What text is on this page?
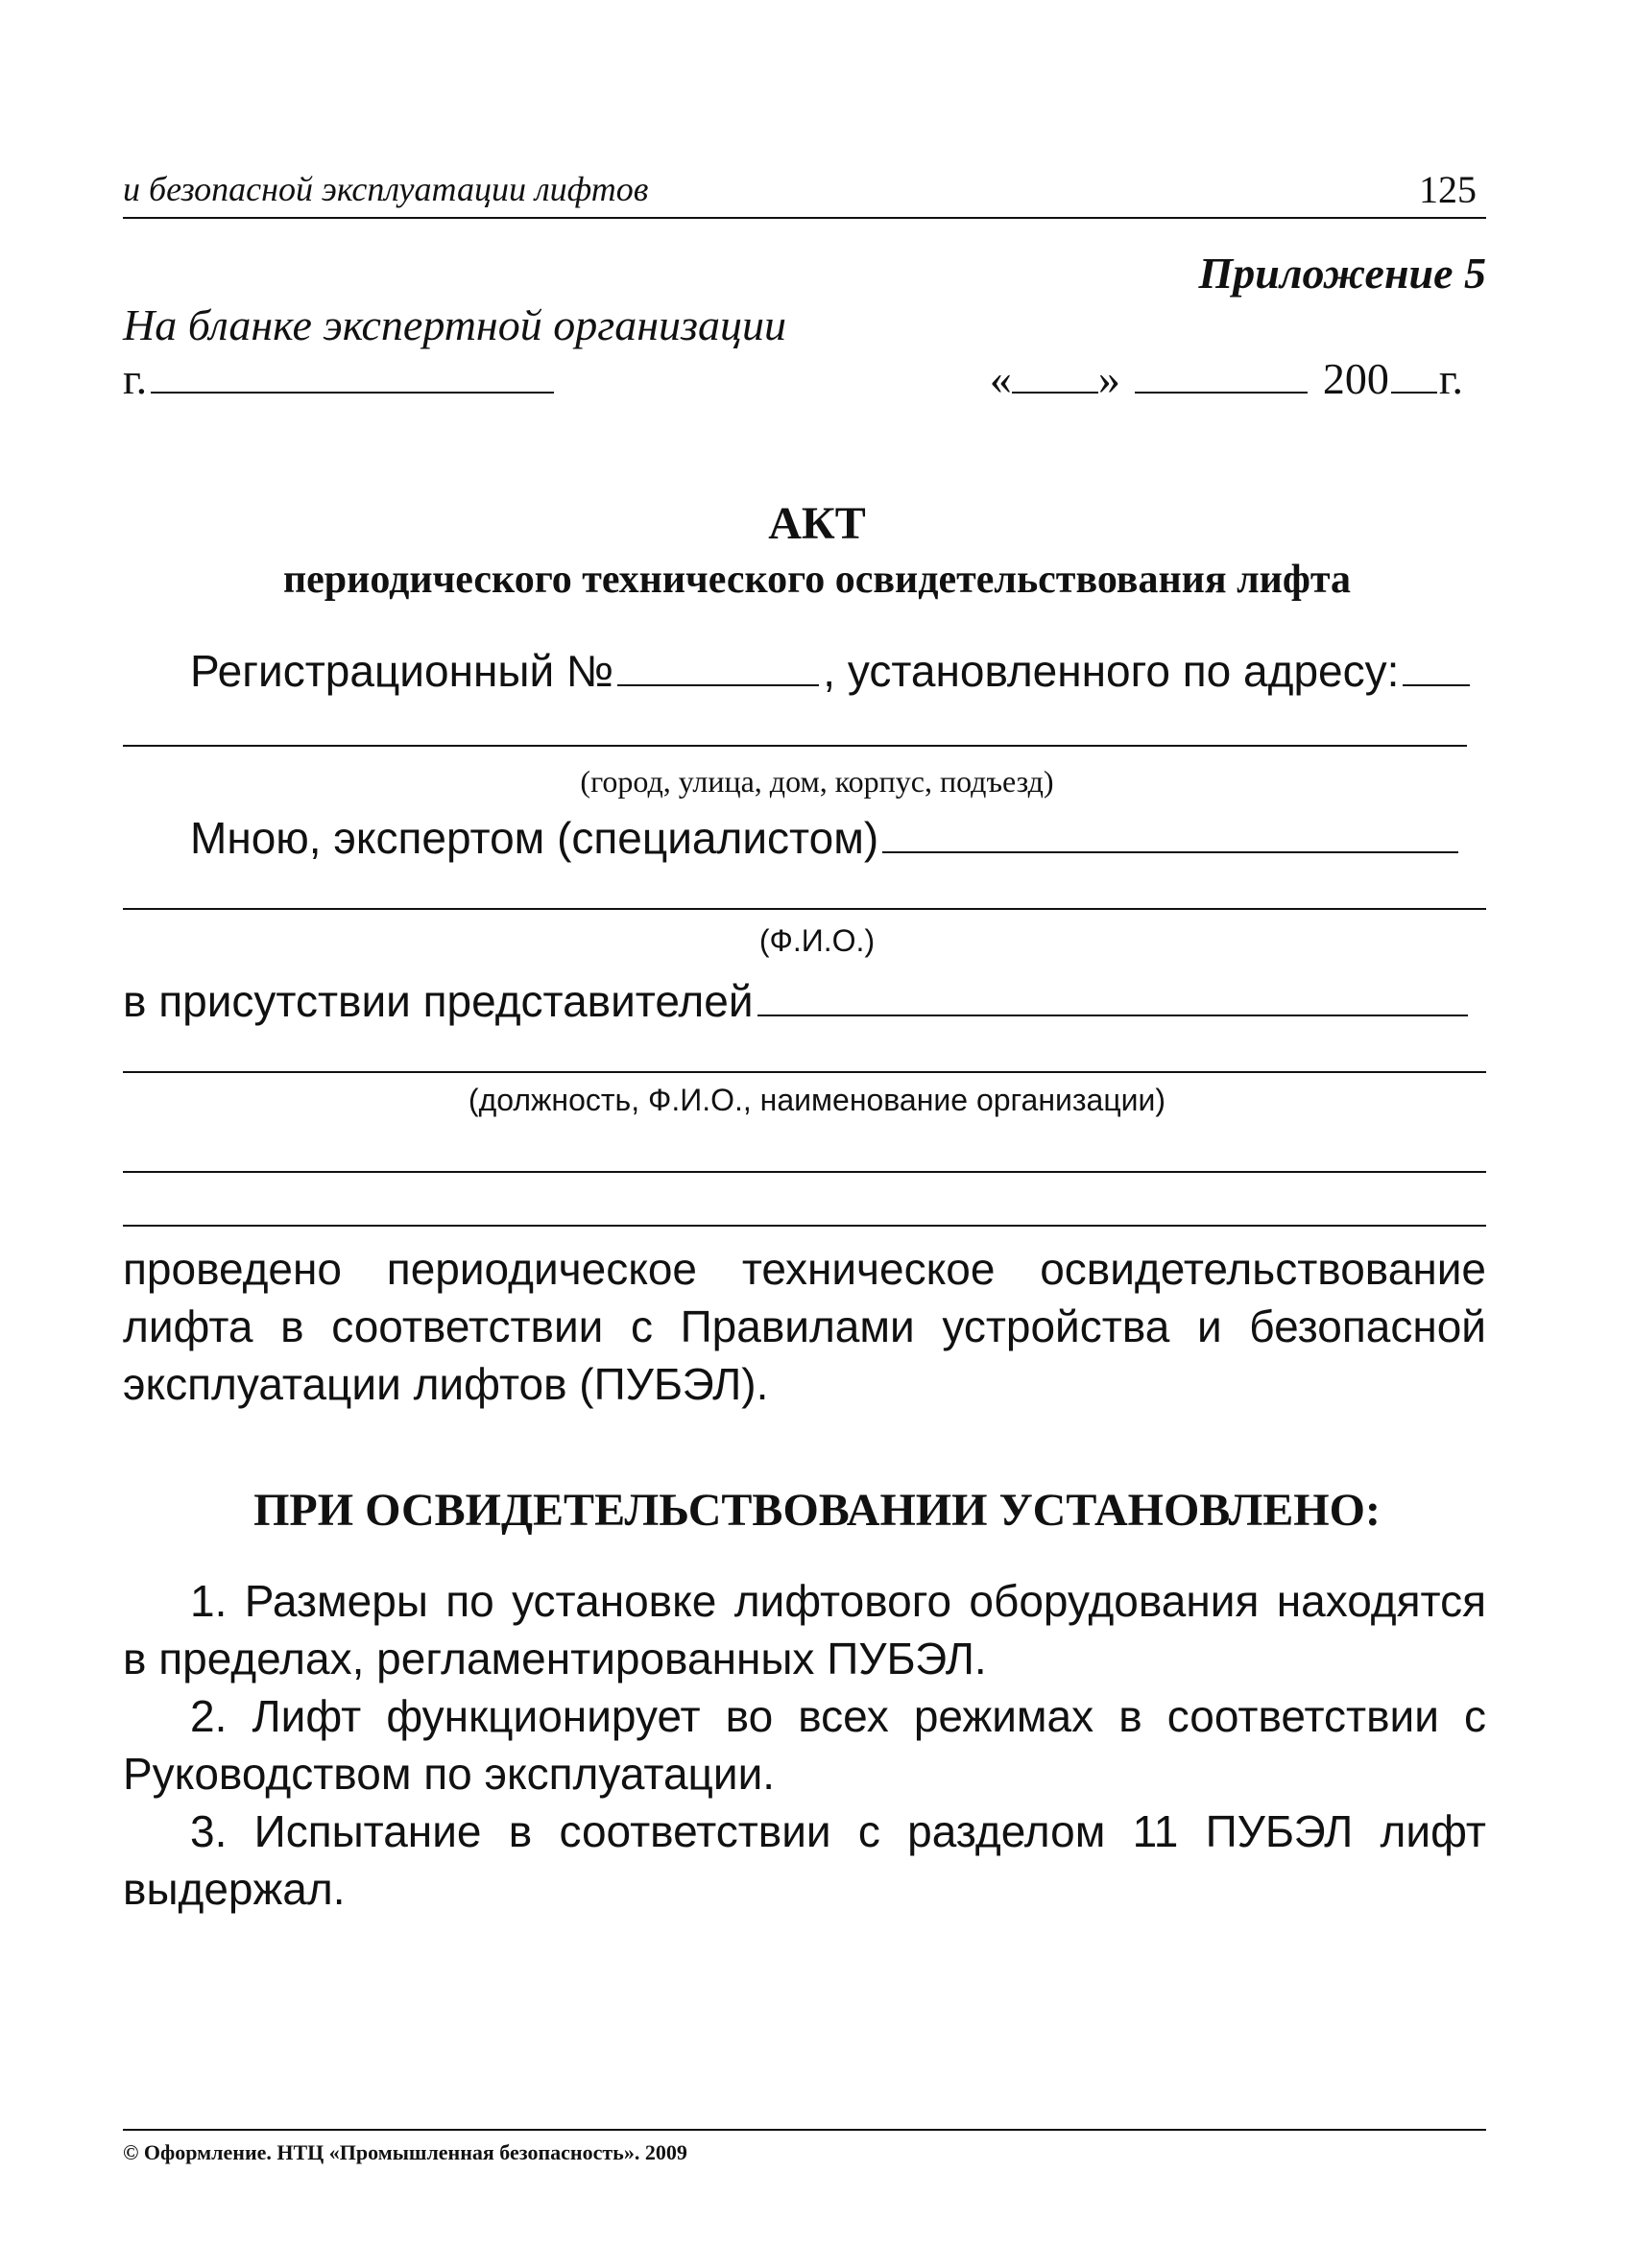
и безопасной эксплуатации лифтов	125
Приложение 5
На бланке экспертной организации
г.	« »	200 г.
АКТ
периодического технического освидетельствования лифта
Регистрационный №	, установленного по адресу:
(город, улица, дом, корпус, подъезд)
Мною, экспертом (специалистом)
(Ф.И.О.)
в присутствии представителей
(должность, Ф.И.О., наименование организации)
проведено периодическое техническое освидетельствование лифта в соответствии с Правилами устройства и безопасной эксплуатации лифтов (ПУБЭЛ).
ПРИ ОСВИДЕТЕЛЬСТВОВАНИИ УСТАНОВЛЕНО:

1. Размеры по установке лифтового оборудования находятся в пределах, регламентированных ПУБЭЛ.

2. Лифт функционирует во всех режимах в соответствии с Руководством по эксплуатации.

3. Испытание в соответствии с разделом 11 ПУБЭЛ лифт выдержал.

© Оформление. НТЦ «Промышленная безопасность». 2009
